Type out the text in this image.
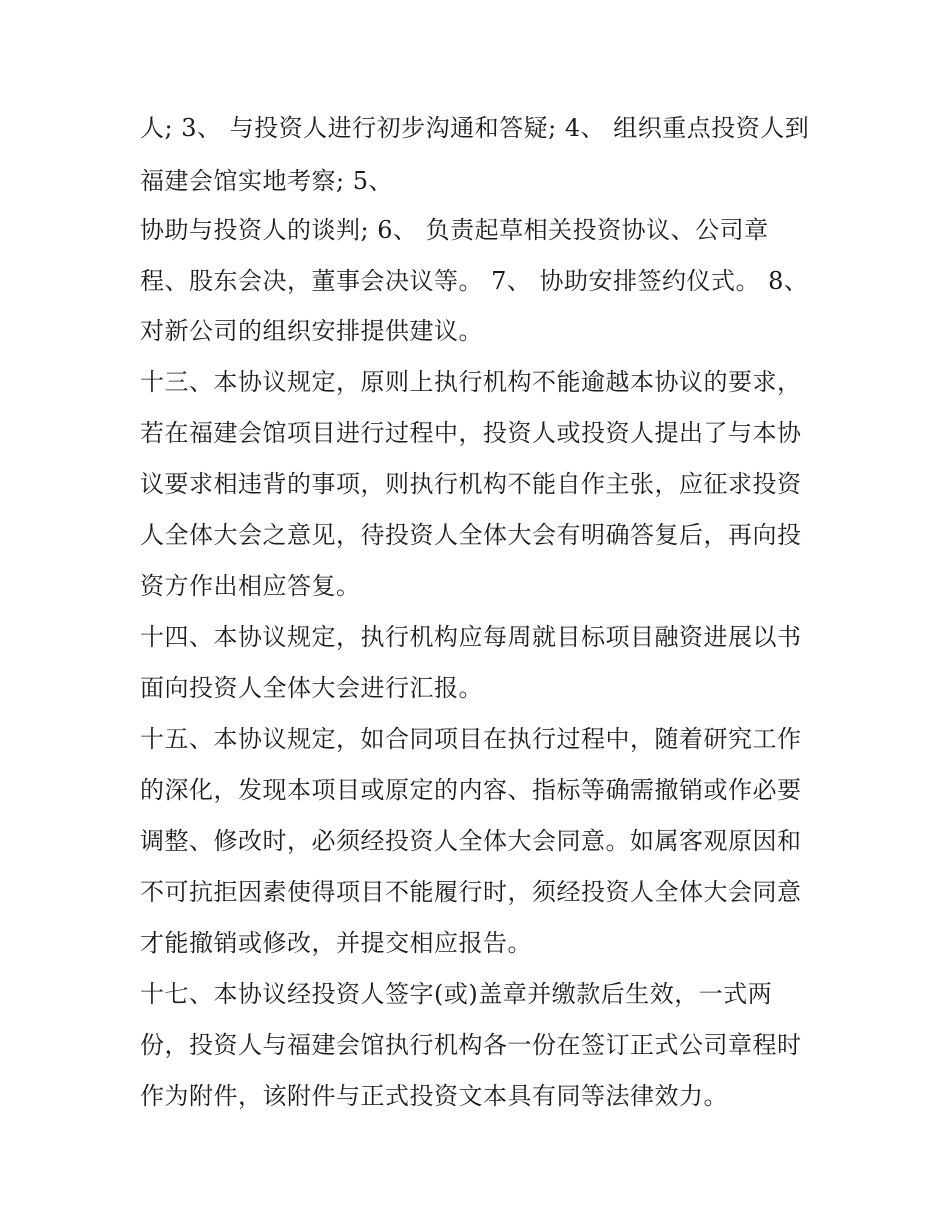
人; 3、 与投资人进行初步沟通和答疑; 4、 组织重点投资人到
福建会馆实地考察; 5、
协助与投资人的谈判; 6、 负责起草相关投资协议、公司章
程、股东会决，董事会决议等。 7、 协助安排签约仪式。 8、
对新公司的组织安排提供建议。
十三、本协议规定，原则上执行机构不能逾越本协议的要求，
若在福建会馆项目进行过程中，投资人或投资人提出了与本协
议要求相违背的事项，则执行机构不能自作主张，应征求投资
人全体大会之意见，待投资人全体大会有明确答复后，再向投
资方作出相应答复。
十四、本协议规定，执行机构应每周就目标项目融资进展以书
面向投资人全体大会进行汇报。
十五、本协议规定，如合同项目在执行过程中，随着研究工作
的深化，发现本项目或原定的内容、指标等确需撤销或作必要
调整、修改时，必须经投资人全体大会同意。如属客观原因和
不可抗拒因素使得项目不能履行时，须经投资人全体大会同意
才能撤销或修改，并提交相应报告。
十七、本协议经投资人签字(或)盖章并缴款后生效，一式两
份，投资人与福建会馆执行机构各一份在签订正式公司章程时
作为附件，该附件与正式投资文本具有同等法律效力。
